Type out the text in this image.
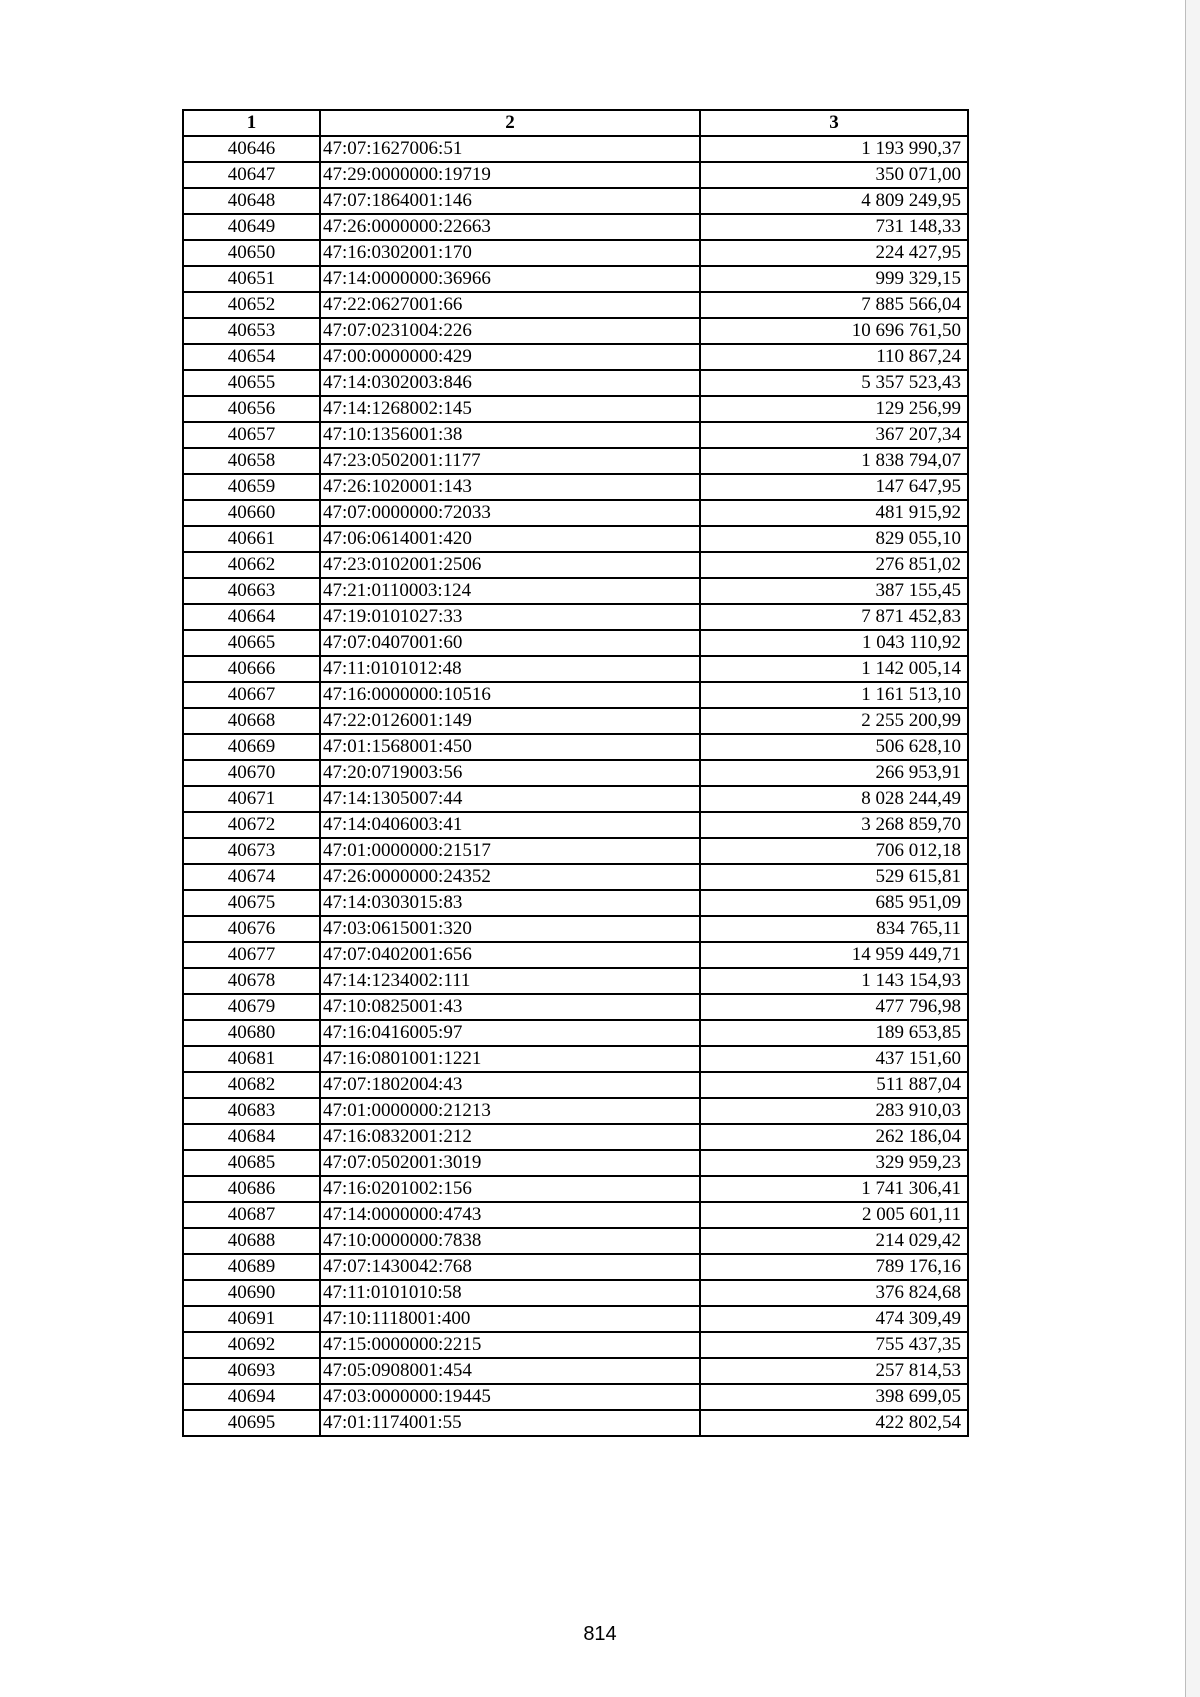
1	2	3
40646	47:07:1627006:51	1 193 990,37
40647	47:29:0000000:19719	350 071,00
40648	47:07:1864001:146	4 809 249,95
40649	47:26:0000000:22663	731 148,33
40650	47:16:0302001:170	224 427,95
40651	47:14:0000000:36966	999 329,15
40652	47:22:0627001:66	7 885 566,04
40653	47:07:0231004:226	10 696 761,50
40654	47:00:0000000:429	110 867,24
40655	47:14:0302003:846	5 357 523,43
40656	47:14:1268002:145	129 256,99
40657	47:10:1356001:38	367 207,34
40658	47:23:0502001:1177	1 838 794,07
40659	47:26:1020001:143	147 647,95
40660	47:07:0000000:72033	481 915,92
40661	47:06:0614001:420	829 055,10
40662	47:23:0102001:2506	276 851,02
40663	47:21:0110003:124	387 155,45
40664	47:19:0101027:33	7 871 452,83
40665	47:07:0407001:60	1 043 110,92
40666	47:11:0101012:48	1 142 005,14
40667	47:16:0000000:10516	1 161 513,10
40668	47:22:0126001:149	2 255 200,99
40669	47:01:1568001:450	506 628,10
40670	47:20:0719003:56	266 953,91
40671	47:14:1305007:44	8 028 244,49
40672	47:14:0406003:41	3 268 859,70
40673	47:01:0000000:21517	706 012,18
40674	47:26:0000000:24352	529 615,81
40675	47:14:0303015:83	685 951,09
40676	47:03:0615001:320	834 765,11
40677	47:07:0402001:656	14 959 449,71
40678	47:14:1234002:111	1 143 154,93
40679	47:10:0825001:43	477 796,98
40680	47:16:0416005:97	189 653,85
40681	47:16:0801001:1221	437 151,60
40682	47:07:1802004:43	511 887,04
40683	47:01:0000000:21213	283 910,03
40684	47:16:0832001:212	262 186,04
40685	47:07:0502001:3019	329 959,23
40686	47:16:0201002:156	1 741 306,41
40687	47:14:0000000:4743	2 005 601,11
40688	47:10:0000000:7838	214 029,42
40689	47:07:1430042:768	789 176,16
40690	47:11:0101010:58	376 824,68
40691	47:10:1118001:400	474 309,49
40692	47:15:0000000:2215	755 437,35
40693	47:05:0908001:454	257 814,53
40694	47:03:0000000:19445	398 699,05
40695	47:01:1174001:55	422 802,54
814
